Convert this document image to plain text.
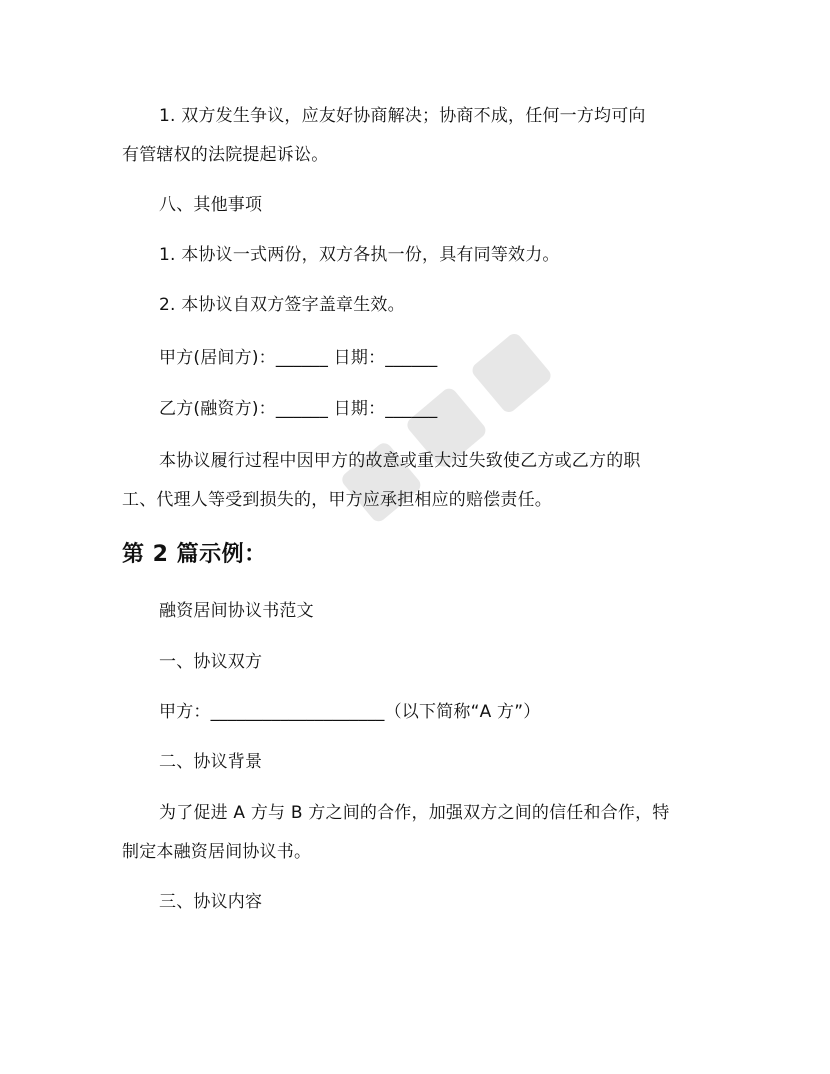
1. 双方发生争议，应友好协商解决；协商不成，任何一方均可向
有管辖权的法院提起诉讼。
八、其他事项
1. 本协议一式两份，双方各执一份，具有同等效力。
2. 本协议自双方签字盖章生效。
甲方(居间方)：______ 日期：______
乙方(融资方)：______ 日期：______
本协议履行过程中因甲方的故意或重大过失致使乙方或乙方的职
工、代理人等受到损失的，甲方应承担相应的赔偿责任。
第 2 篇示例：
融资居间协议书范文
一、协议双方
甲方：____________________（以下简称“A 方”）
二、协议背景
为了促进 A 方与 B 方之间的合作，加强双方之间的信任和合作，特
制定本融资居间协议书。
三、协议内容
